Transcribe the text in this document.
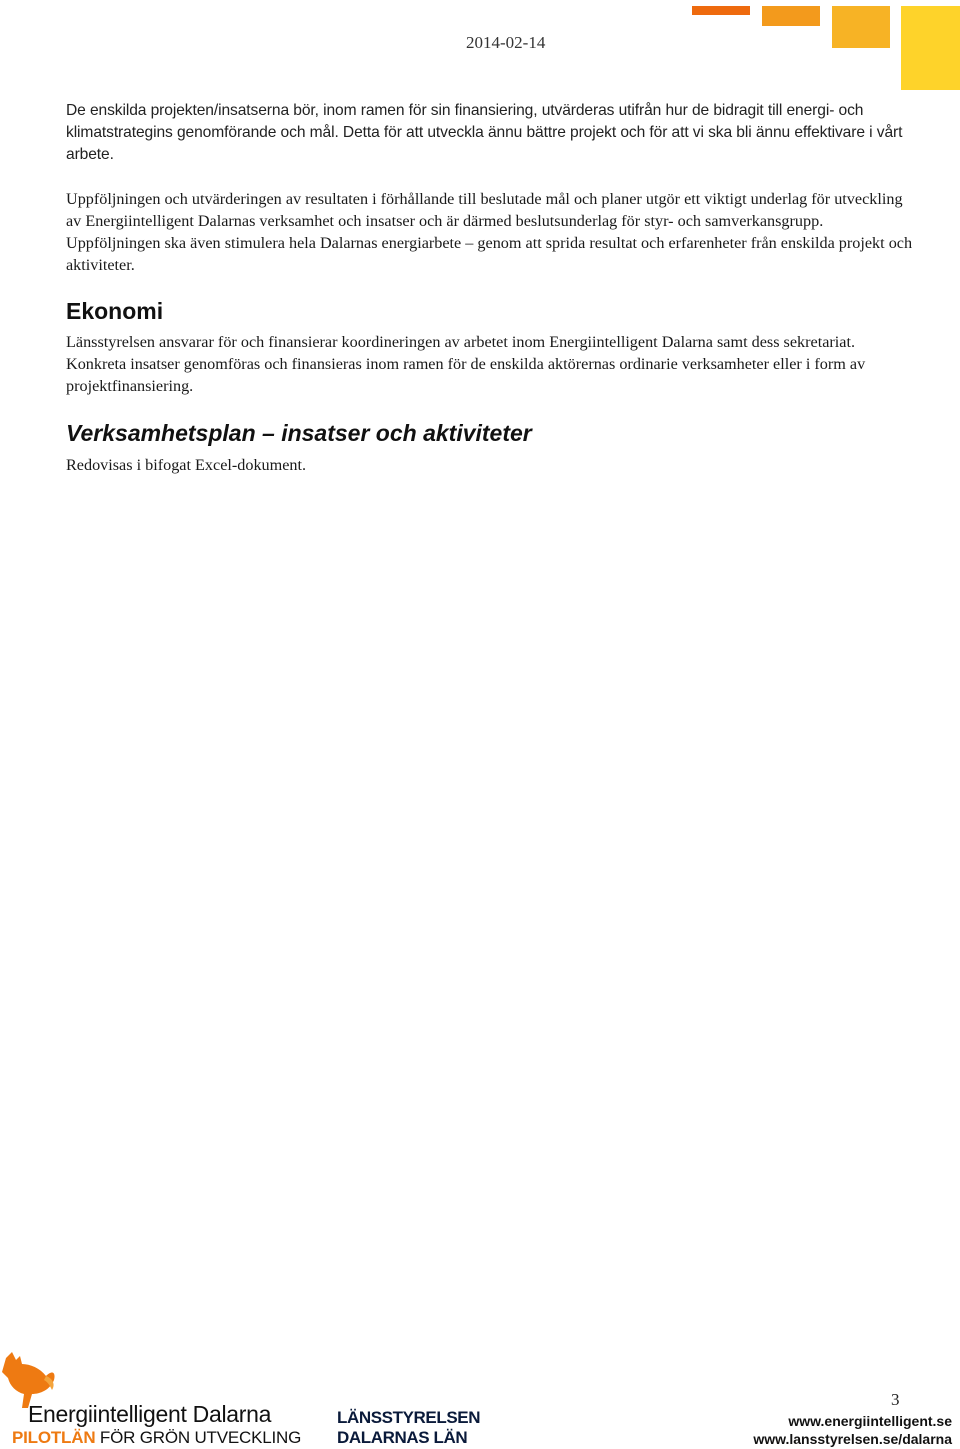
2014-02-14

De enskilda projekten/insatserna bör, inom ramen för sin finansiering, utvärderas utifrån hur de bidragit till energi- och klimatstrategins genomförande och mål. Detta för att utveckla ännu bättre projekt och för att vi ska bli ännu effektivare i vårt arbete.

Uppföljningen och utvärderingen av resultaten i förhållande till beslutade mål och planer utgör ett viktigt underlag för utveckling av Energiintelligent Dalarnas verksamhet och insatser och är därmed beslutsunderlag för styr- och samverkansgrupp. Uppföljningen ska även stimulera hela Dalarnas energiarbete – genom att sprida resultat och erfarenheter från enskilda projekt och aktiviteter.

Ekonomi

Länsstyrelsen ansvarar för och finansierar koordineringen av arbetet inom Energiintelligent Dalarna samt dess sekretariat. Konkreta insatser genomföras och finansieras inom ramen för de enskilda aktörernas ordinarie verksamheter eller i form av projektfinansiering.

Verksamhetsplan – insatser och aktiviteter

Redovisas i bifogat Excel-dokument.

Energiintelligent Dalarna
PILOTLÄN FÖR GRÖN UTVECKLING
LÄNSSTYRELSEN
DALARNAS LÄN
3
www.energiintelligent.se
www.lansstyrelsen.se/dalarna
